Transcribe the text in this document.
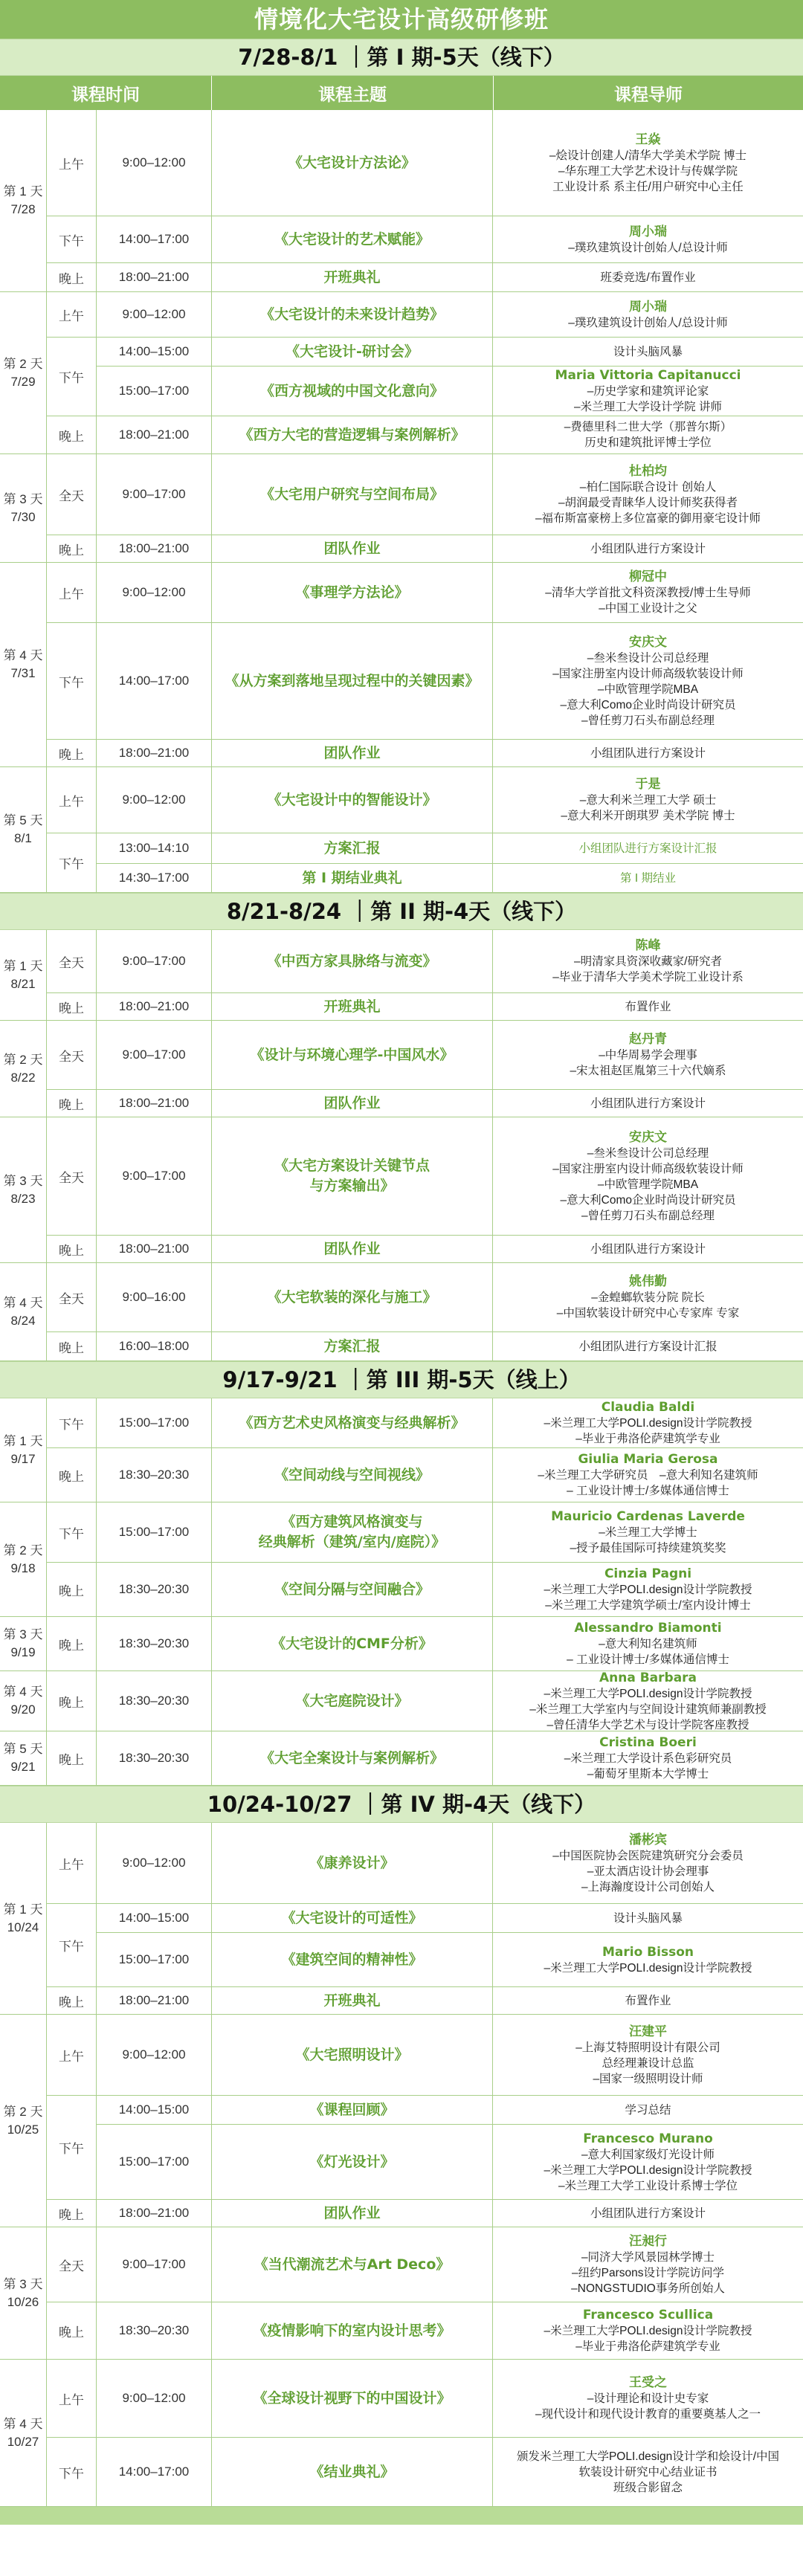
情境化大宅设计高级研修班
7/28-8/1 ｜第 I 期-5天（线下）
课程时间	课程主题	课程导师
第 1 天
7/28
上午	9:00–12:00	《大宅设计方法论》
王焱
–烩设计创建人/清华大学美术学院 博士
–华东理工大学艺术设计与传媒学院
工业设计系 系主任/用户研究中心主任
下午	14:00–17:00	《大宅设计的艺术赋能》	周小瑞
–璞玖建筑设计创始人/总设计师
晚上	18:00–21:00	开班典礼	班委竞选/布置作业
第 2 天
7/29
上午	9:00–12:00	《大宅设计的未来设计趋势》	周小瑞
–璞玖建筑设计创始人/总设计师
下午
14:00–15:00	《大宅设计-研讨会》	设计头脑风暴
15:00–17:00	《西方视域的中国文化意向》
Maria Vittoria Capitanucci
–历史学家和建筑评论家
–米兰理工大学设计学院 讲师
晚上	18:00–21:00	《西方大宅的营造逻辑与案例解析》	–费德里科二世大学（那普尔斯）
历史和建筑批评博士学位
第 3 天
7/30
全天	9:00–17:00	《大宅用户研究与空间布局》
杜柏均
–柏仁国际联合设计 创始人
–胡润最受青睐华人设计师奖获得者
–福布斯富豪榜上多位富豪的御用豪宅设计师
晚上	18:00–21:00	团队作业	小组团队进行方案设计
第 4 天
7/31
上午	9:00–12:00	《事理学方法论》
柳冠中
–清华大学首批文科资深教授/博士生导师
–中国工业设计之父
下午	14:00–17:00	《从方案到落地呈现过程中的关键因素》
安庆文
–叁米叁设计公司总经理
–国家注册室内设计师高级软装设计师
–中欧管理学院MBA
–意大利Como企业时尚设计研究员
–曾任剪刀石头布副总经理
晚上	18:00–21:00	团队作业	小组团队进行方案设计
第 5 天
8/1
上午	9:00–12:00	《大宅设计中的智能设计》
于是
–意大利米兰理工大学 硕士
–意大利米开朗琪罗 美术学院 博士
下午
13:00–14:10	方案汇报	小组团队进行方案设计汇报
14:30–17:00	第 I 期结业典礼	第 I 期结业
8/21-8/24 ｜第 II 期-4天（线下）
第 1 天
8/21
全天	9:00–17:00	《中西方家具脉络与流变》
陈峰
–明清家具资深收藏家/研究者
–毕业于清华大学美术学院工业设计系
晚上	18:00–21:00	开班典礼	布置作业
第 2 天
8/22
全天	9:00–17:00	《设计与环境心理学-中国风水》
赵丹青
–中华周易学会理事
–宋太祖赵匡胤第三十六代嫡系
晚上	18:00–21:00	团队作业	小组团队进行方案设计
第 3 天
8/23
全天	9:00–17:00
《大宅方案设计关键节点
与方案输出》
安庆文
–叁米叁设计公司总经理
–国家注册室内设计师高级软装设计师
–中欧管理学院MBA
–意大利Como企业时尚设计研究员
–曾任剪刀石头布副总经理
晚上	18:00–21:00	团队作业	小组团队进行方案设计
第 4 天
8/24
全天	9:00–16:00	《大宅软装的深化与施工》
姚伟勤
–金蝗螂软装分院 院长
–中国软装设计研究中心专家库 专家
晚上	16:00–18:00	方案汇报	小组团队进行方案设计汇报
9/17-9/21 ｜第 III 期-5天（线上）
第 1 天
9/17
下午	15:00–17:00	《西方艺术史风格演变与经典解析》
Claudia Baldi
–米兰理工大学POLI.design设计学院教授
–毕业于弗洛伦萨建筑学专业
晚上	18:30–20:30	《空间动线与空间视线》
Giulia Maria Gerosa
–米兰理工大学研究员　–意大利知名建筑师
– 工业设计博士/多媒体通信博士
第 2 天
9/18
下午	15:00–17:00
《西方建筑风格演变与
经典解析（建筑/室内/庭院）》
Mauricio Cardenas Laverde
–米兰理工大学博士
–授予最佳国际可持续建筑奖奖
晚上	18:30–20:30	《空间分隔与空间融合》
Cinzia Pagni
–米兰理工大学POLI.design设计学院教授
–米兰理工大学建筑学硕士/室内设计博士
第 3 天
9/19	晚上	18:30–20:30	《大宅设计的CMF分析》
Alessandro Biamonti
–意大利知名建筑师
– 工业设计博士/多媒体通信博士
第 4 天
9/20	晚上	18:30–20:30	《大宅庭院设计》
Anna Barbara
–米兰理工大学POLI.design设计学院教授
–米兰理工大学室内与空间设计建筑师兼副教授
–曾任清华大学艺术与设计学院客座教授
第 5 天
9/21	晚上	18:30–20:30	《大宅全案设计与案例解析》
Cristina Boeri
–米兰理工大学设计系色彩研究员
–葡萄牙里斯本大学博士
10/24-10/27 ｜第 IV 期-4天（线下）
第 1 天
10/24
上午	9:00–12:00	《康养设计》
潘彬宾
–中国医院协会医院建筑研究分会委员
–亚太酒店设计协会理事
–上海瀚度设计公司创始人
下午
14:00–15:00	《大宅设计的可适性》	设计头脑风暴
15:00–17:00	《建筑空间的精神性》	Mario Bisson
–米兰理工大学POLI.design设计学院教授
晚上	18:00–21:00	开班典礼	布置作业
第 2 天
10/25
上午	9:00–12:00	《大宅照明设计》
汪建平
–上海艾特照明设计有限公司
总经理兼设计总监
–国家一级照明设计师
下午
14:00–15:00	《课程回顾》	学习总结
15:00–17:00	《灯光设计》
Francesco Murano
–意大利国家级灯光设计师
–米兰理工大学POLI.design设计学院教授
–米兰理工大学工业设计系博士学位
晚上	18:00–21:00	团队作业	小组团队进行方案设计
第 3 天
10/26
全天	9:00–17:00	《当代潮流艺术与Art Deco》
汪昶行
–同济大学风景园林学博士
–纽约Parsons设计学院访问学
–NONGSTUDIO事务所创始人
晚上	18:30–20:30	《疫情影响下的室内设计思考》
Francesco Scullica
–米兰理工大学POLI.design设计学院教授
–毕业于弗洛伦萨建筑学专业
第 4 天
10/27
上午	9:00–12:00	《全球设计视野下的中国设计》
王受之
–设计理论和设计史专家
–现代设计和现代设计教育的重要奠基人之一
下午	14:00–17:00	《结业典礼》
颁发米兰理工大学POLI.design设计学和烩设计/中国
软装设计研究中心结业证书
班级合影留念
